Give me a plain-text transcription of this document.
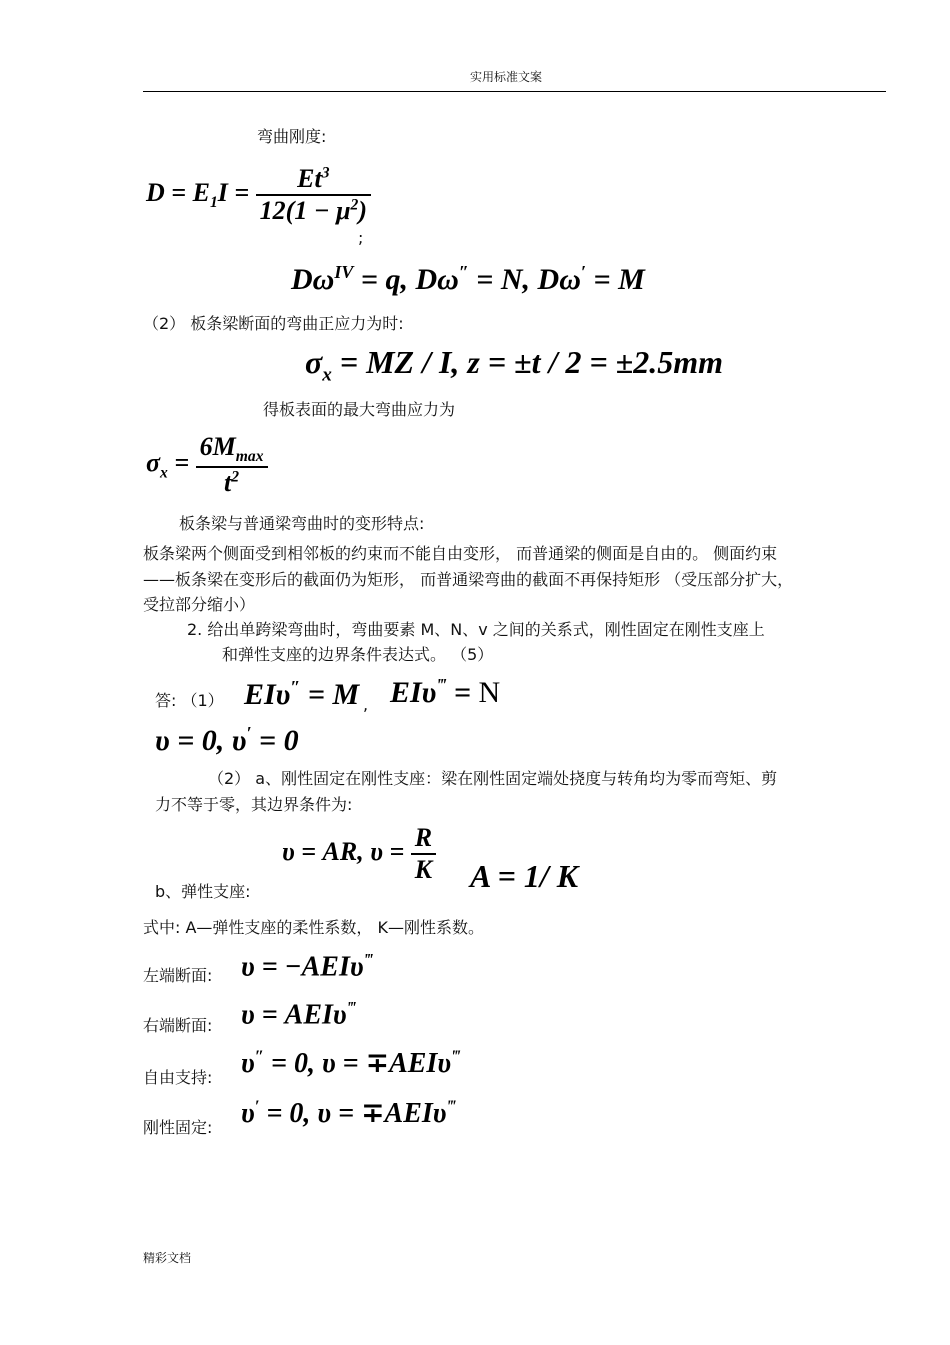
实用标准文案
弯曲刚度:
$D = E_1I = \frac{Et^3}{12(1 - \mu^2)}$
;
$D\omega^{IV} = q$, Dω″ = N, Dω′ = M
（2） 板条梁断面的弯曲正应力为时:
$\sigma_x$ = MZ / I, z = ±t / 2 = ±2.5mm
得板表面的最大弯曲应力为
$\sigma_x = \frac{6M_{max}}{t^2}$
板条梁与普通梁弯曲时的变形特点:
板条梁两个侧面受到相邻板的约束而不能自由变形， 而普通梁的侧面是自由的。 侧面约束
——板条梁在变形后的截面仍为矩形， 而普通梁弯曲的截面不再保持矩形 （受压部分扩大，
受拉部分缩小）
2. 给出单跨梁弯曲时，弯曲要素 M、N、v 之间的关系式，刚性固定在刚性支座上
和弹性支座的边界条件表达式。 （5）
答: （1） EIυ″ = M , EIυ‴ = N
υ = 0, υ′ = 0
（2） a、刚性固定在刚性支座：梁在刚性固定端处挠度与转角均为零而弯矩、剪
力不等于零，其边界条件为:
υ = AR, $\upsilon = \frac{R}{K}$ A = 1/ K
b、弹性支座:
式中: A—弹性支座的柔性系数， K—刚性系数。
左端断面: υ = −AEIυ‴
右端断面: υ = AEIυ‴
自由支持: υ″ = 0, υ = ∓AEIυ‴
刚性固定: υ′ = 0, υ = ∓AEIυ‴
精彩文档
